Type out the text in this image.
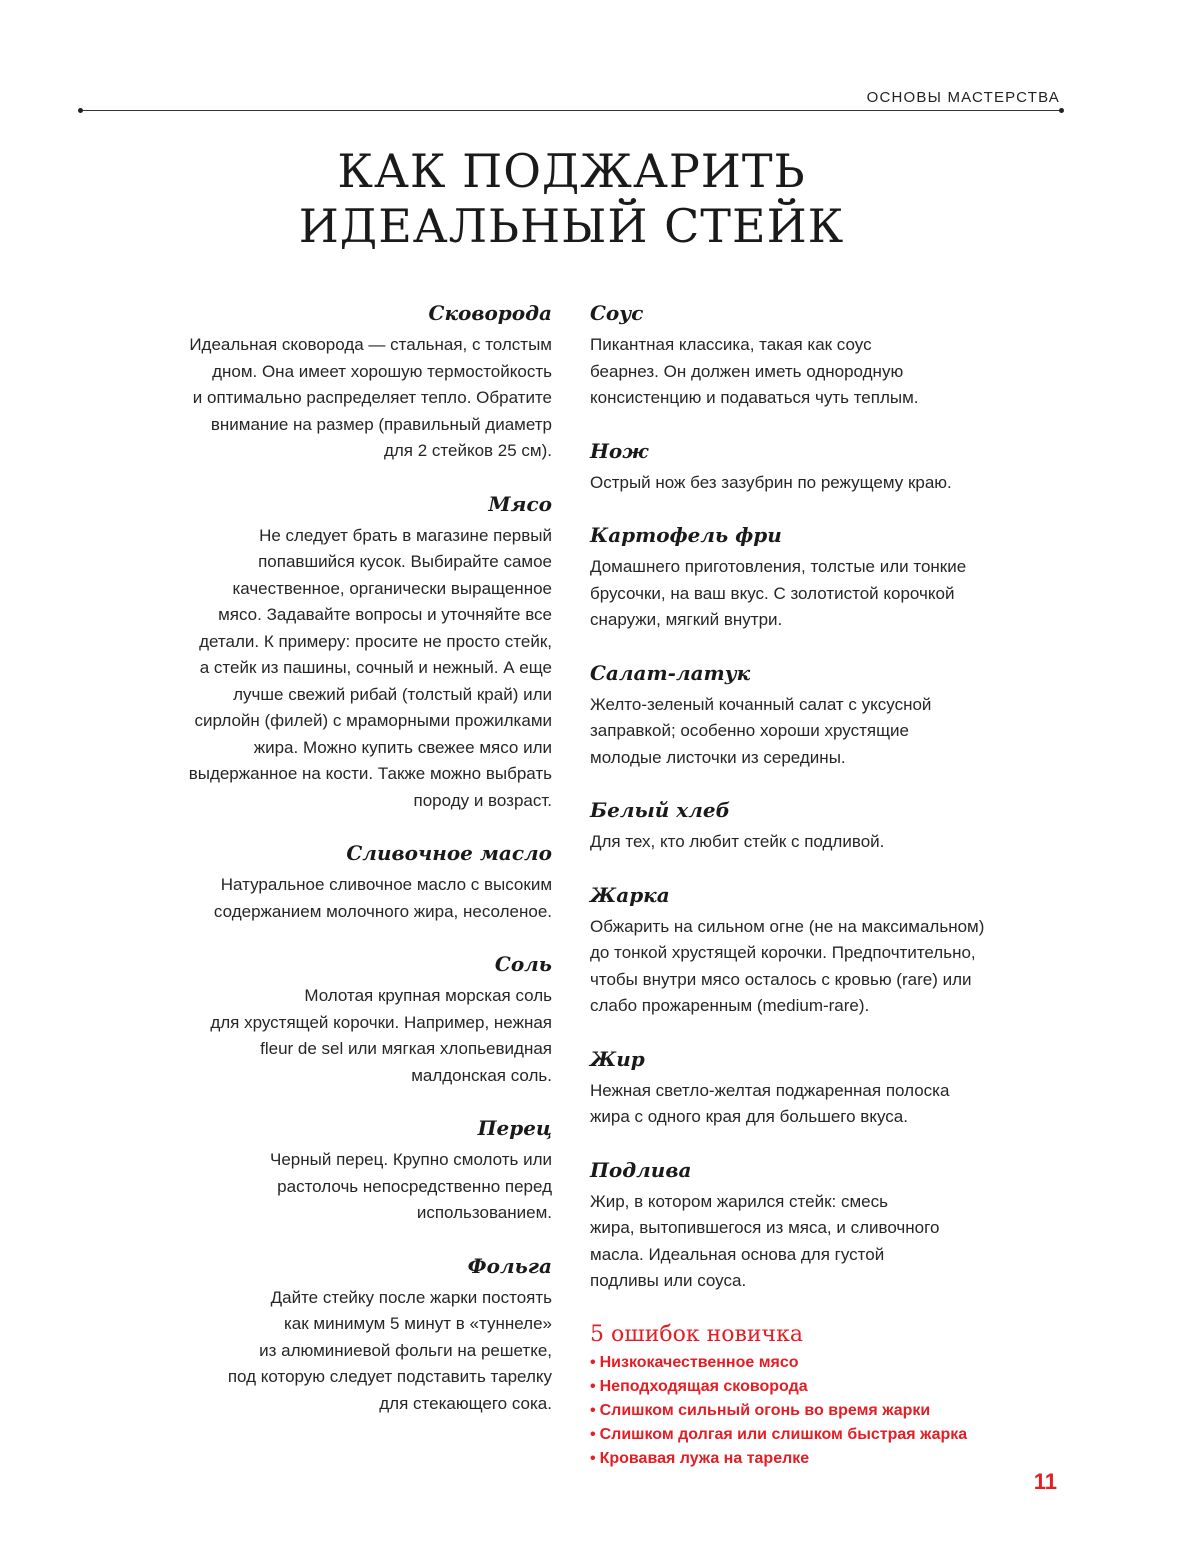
ОСНОВЫ МАСТЕРСТВА
КАК ПОДЖАРИТЬ
ИДЕАЛЬНЫЙ СТЕЙК
Сковорода

Идеальная сковорода — стальная, с толстым
дном. Она имеет хорошую термостойкость
и оптимально распределяет тепло. Обратите
внимание на размер (правильный диаметр
для 2 стейков 25 см).

Мясо

Не следует брать в магазине первый
попавшийся кусок. Выбирайте самое
качественное, органически выращенное
мясо. Задавайте вопросы и уточняйте все
детали. К примеру: просите не просто стейк,
а стейк из пашины, сочный и нежный. А еще
лучше свежий рибай (толстый край) или
сирлойн (филей) с мраморными прожилками
жира. Можно купить свежее мясо или
выдержанное на кости. Также можно выбрать
породу и возраст.

Сливочное масло

Натуральное сливочное масло с высоким
содержанием молочного жира, несоленое.

Соль

Молотая крупная морская соль
для хрустящей корочки. Например, нежная
fleur de sel или мягкая хлопьевидная
малдонская соль.

Перец

Черный перец. Крупно смолоть или
растолочь непосредственно перед
использованием.

Фольга

Дайте стейку после жарки постоять
как минимум 5 минут в «туннеле»
из алюминиевой фольги на решетке,
под которую следует подставить тарелку
для стекающего сока.

Соус

Пикантная классика, такая как соус
беарнез. Он должен иметь однородную
консистенцию и подаваться чуть теплым.

Нож

Острый нож без зазубрин по режущему краю.

Картофель фри

Домашнего приготовления, толстые или тонкие
брусочки, на ваш вкус. С золотистой корочкой
снаружи, мягкий внутри.

Салат-латук

Желто-зеленый кочанный салат с уксусной
заправкой; особенно хороши хрустящие
молодые листочки из середины.

Белый хлеб

Для тех, кто любит стейк с подливой.

Жарка

Обжарить на сильном огне (не на максимальном)
до тонкой хрустящей корочки. Предпочтительно,
чтобы внутри мясо осталось с кровью (rare) или
слабо прожаренным (medium-rare).

Жир

Нежная светло-желтая поджаренная полоска
жира с одного края для большего вкуса.

Подлива

Жир, в котором жарился стейк: смесь
жира, вытопившегося из мяса, и сливочного
масла. Идеальная основа для густой
подливы или соуса.

5 ошибок новичка
• Низкокачественное мясо
• Неподходящая сковорода
• Слишком сильный огонь во время жарки
• Слишком долгая или слишком быстрая жарка
• Кровавая лужа на тарелке
11
